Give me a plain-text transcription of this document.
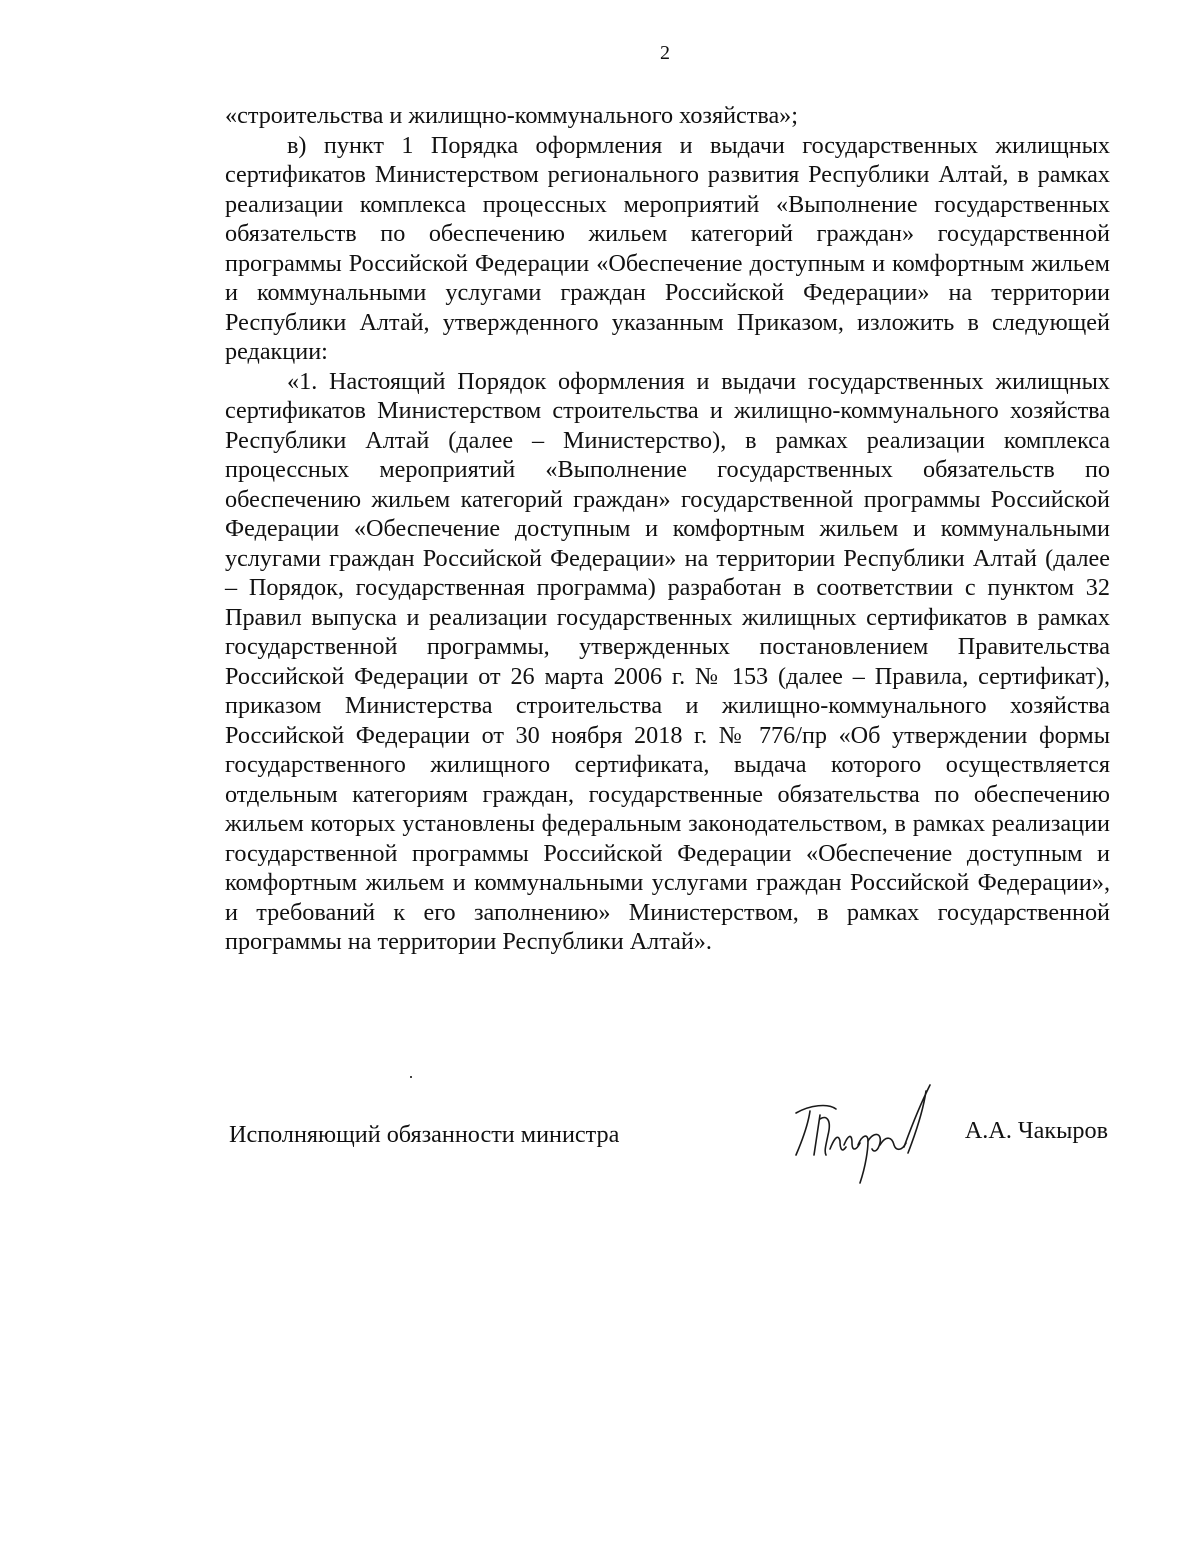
2

«строительства и жилищно-коммунального хозяйства»;

в) пункт 1 Порядка оформления и выдачи государственных жилищных сертификатов Министерством регионального развития Республики Алтай, в рамках реализации комплекса процессных мероприятий «Выполнение государственных обязательств по обеспечению жильем категорий граждан» государственной программы Российской Федерации «Обеспечение доступным и комфортным жильем и коммунальными услугами граждан Российской Федерации» на территории Республики Алтай, утвержденного указанным Приказом, изложить в следующей редакции:

«1. Настоящий Порядок оформления и выдачи государственных жилищных сертификатов Министерством строительства и жилищно-коммунального хозяйства Республики Алтай (далее – Министерство), в рамках реализации комплекса процессных мероприятий «Выполнение государственных обязательств по обеспечению жильем категорий граждан» государственной программы Российской Федерации «Обеспечение доступным и комфортным жильем и коммунальными услугами граждан Российской Федерации» на территории Республики Алтай (далее – Порядок, государственная программа) разработан в соответствии с пунктом 32 Правил выпуска и реализации государственных жилищных сертификатов в рамках государственной программы, утвержденных постановлением Правительства Российской Федерации от 26 марта 2006 г. № 153 (далее – Правила, сертификат), приказом Министерства строительства и жилищно-коммунального хозяйства Российской Федерации от 30 ноября 2018 г. № 776/пр «Об утверждении формы государственного жилищного сертификата, выдача которого осуществляется отдельным категориям граждан, государственные обязательства по обеспечению жильем которых установлены федеральным законодательством, в рамках реализации государственной программы Российской Федерации «Обеспечение доступным и комфортным жильем и коммунальными услугами граждан Российской Федерации», и требований к его заполнению» Министерством, в рамках государственной программы на территории Республики Алтай».

Исполняющий обязанности министра	А.А. Чакыров
